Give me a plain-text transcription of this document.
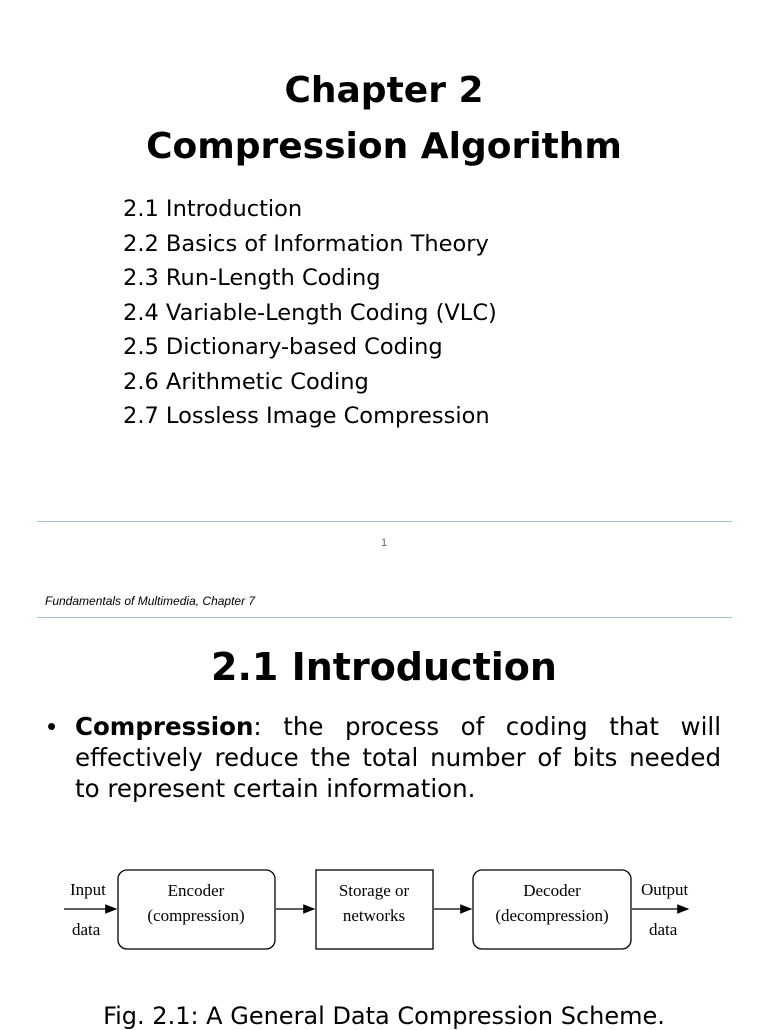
Chapter 2
Compression Algorithm
2.1 Introduction
2.2 Basics of Information Theory
2.3 Run-Length Coding
2.4 Variable-Length Coding (VLC)
2.5 Dictionary-based Coding
2.6 Arithmetic Coding
2.7 Lossless Image Compression
1
Fundamentals of Multimedia, Chapter 7
2.1 Introduction
• Compression: the process of coding that will effectively reduce the total number of bits needed to represent certain information.
Input
data
Encoder
(compression)
Storage or
networks
Decoder
(decompression)
Output
data
Fig. 2.1: A General Data Compression Scheme.
